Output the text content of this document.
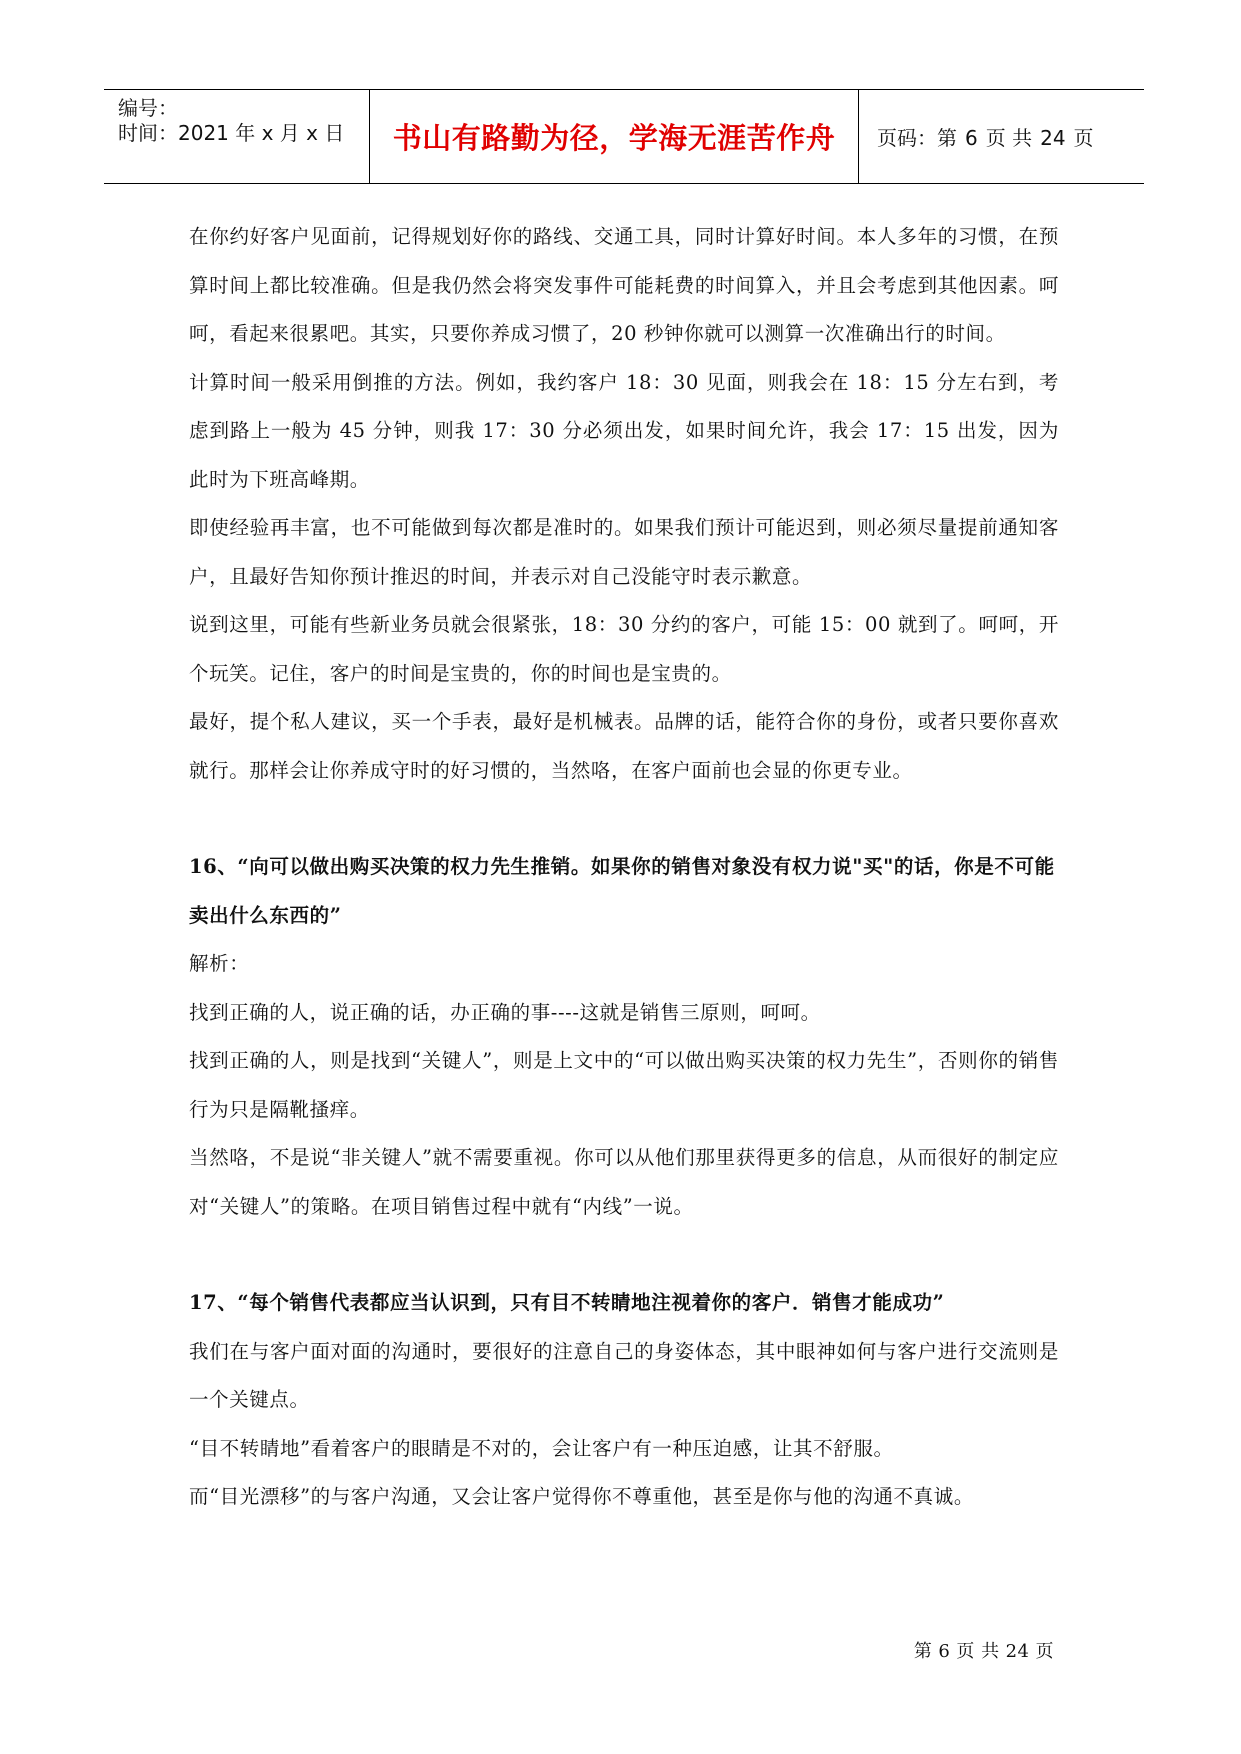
编号：
时间：2021 年 x 月 x 日 书山有路勤为径，学海无涯苦作舟	页码：第 6 页 共 24 页

在你约好客户见面前，记得规划好你的路线、交通工具，同时计算好时间。本人多年的习惯，在预算时间上都比较准确。但是我仍然会将突发事件可能耗费的时间算入，并且会考虑到其他因素。呵呵，看起来很累吧。其实，只要你养成习惯了，20 秒钟你就可以测算一次准确出行的时间。

计算时间一般采用倒推的方法。例如，我约客户 18：30 见面，则我会在 18：15 分左右到，考虑到路上一般为 45 分钟，则我 17：30 分必须出发，如果时间允许，我会 17：15 出发，因为此时为下班高峰期。

即使经验再丰富，也不可能做到每次都是准时的。如果我们预计可能迟到，则必须尽量提前通知客户，且最好告知你预计推迟的时间，并表示对自己没能守时表示歉意。

说到这里，可能有些新业务员就会很紧张，18：30 分约的客户，可能 15：00 就到了。呵呵，开个玩笑。记住，客户的时间是宝贵的，你的时间也是宝贵的。

最好，提个私人建议，买一个手表，最好是机械表。品牌的话，能符合你的身份，或者只要你喜欢就行。那样会让你养成守时的好习惯的，当然咯，在客户面前也会显的你更专业。

16、“向可以做出购买决策的权力先生推销。如果你的销售对象没有权力说"买"的话，你是不可能卖出什么东西的”

解析：

找到正确的人，说正确的话，办正确的事----这就是销售三原则，呵呵。

找到正确的人，则是找到“关键人”，则是上文中的“可以做出购买决策的权力先生”，否则你的销售行为只是隔靴搔痒。

当然咯，不是说“非关键人”就不需要重视。你可以从他们那里获得更多的信息，从而很好的制定应对“关键人”的策略。在项目销售过程中就有“内线”一说。

17、“每个销售代表都应当认识到，只有目不转睛地注视着你的客户．销售才能成功”

我们在与客户面对面的沟通时，要很好的注意自己的身姿体态，其中眼神如何与客户进行交流则是一个关键点。

“目不转睛地”看着客户的眼睛是不对的，会让客户有一种压迫感，让其不舒服。

而“目光漂移”的与客户沟通，又会让客户觉得你不尊重他，甚至是你与他的沟通不真诚。

第 6 页 共 24 页
